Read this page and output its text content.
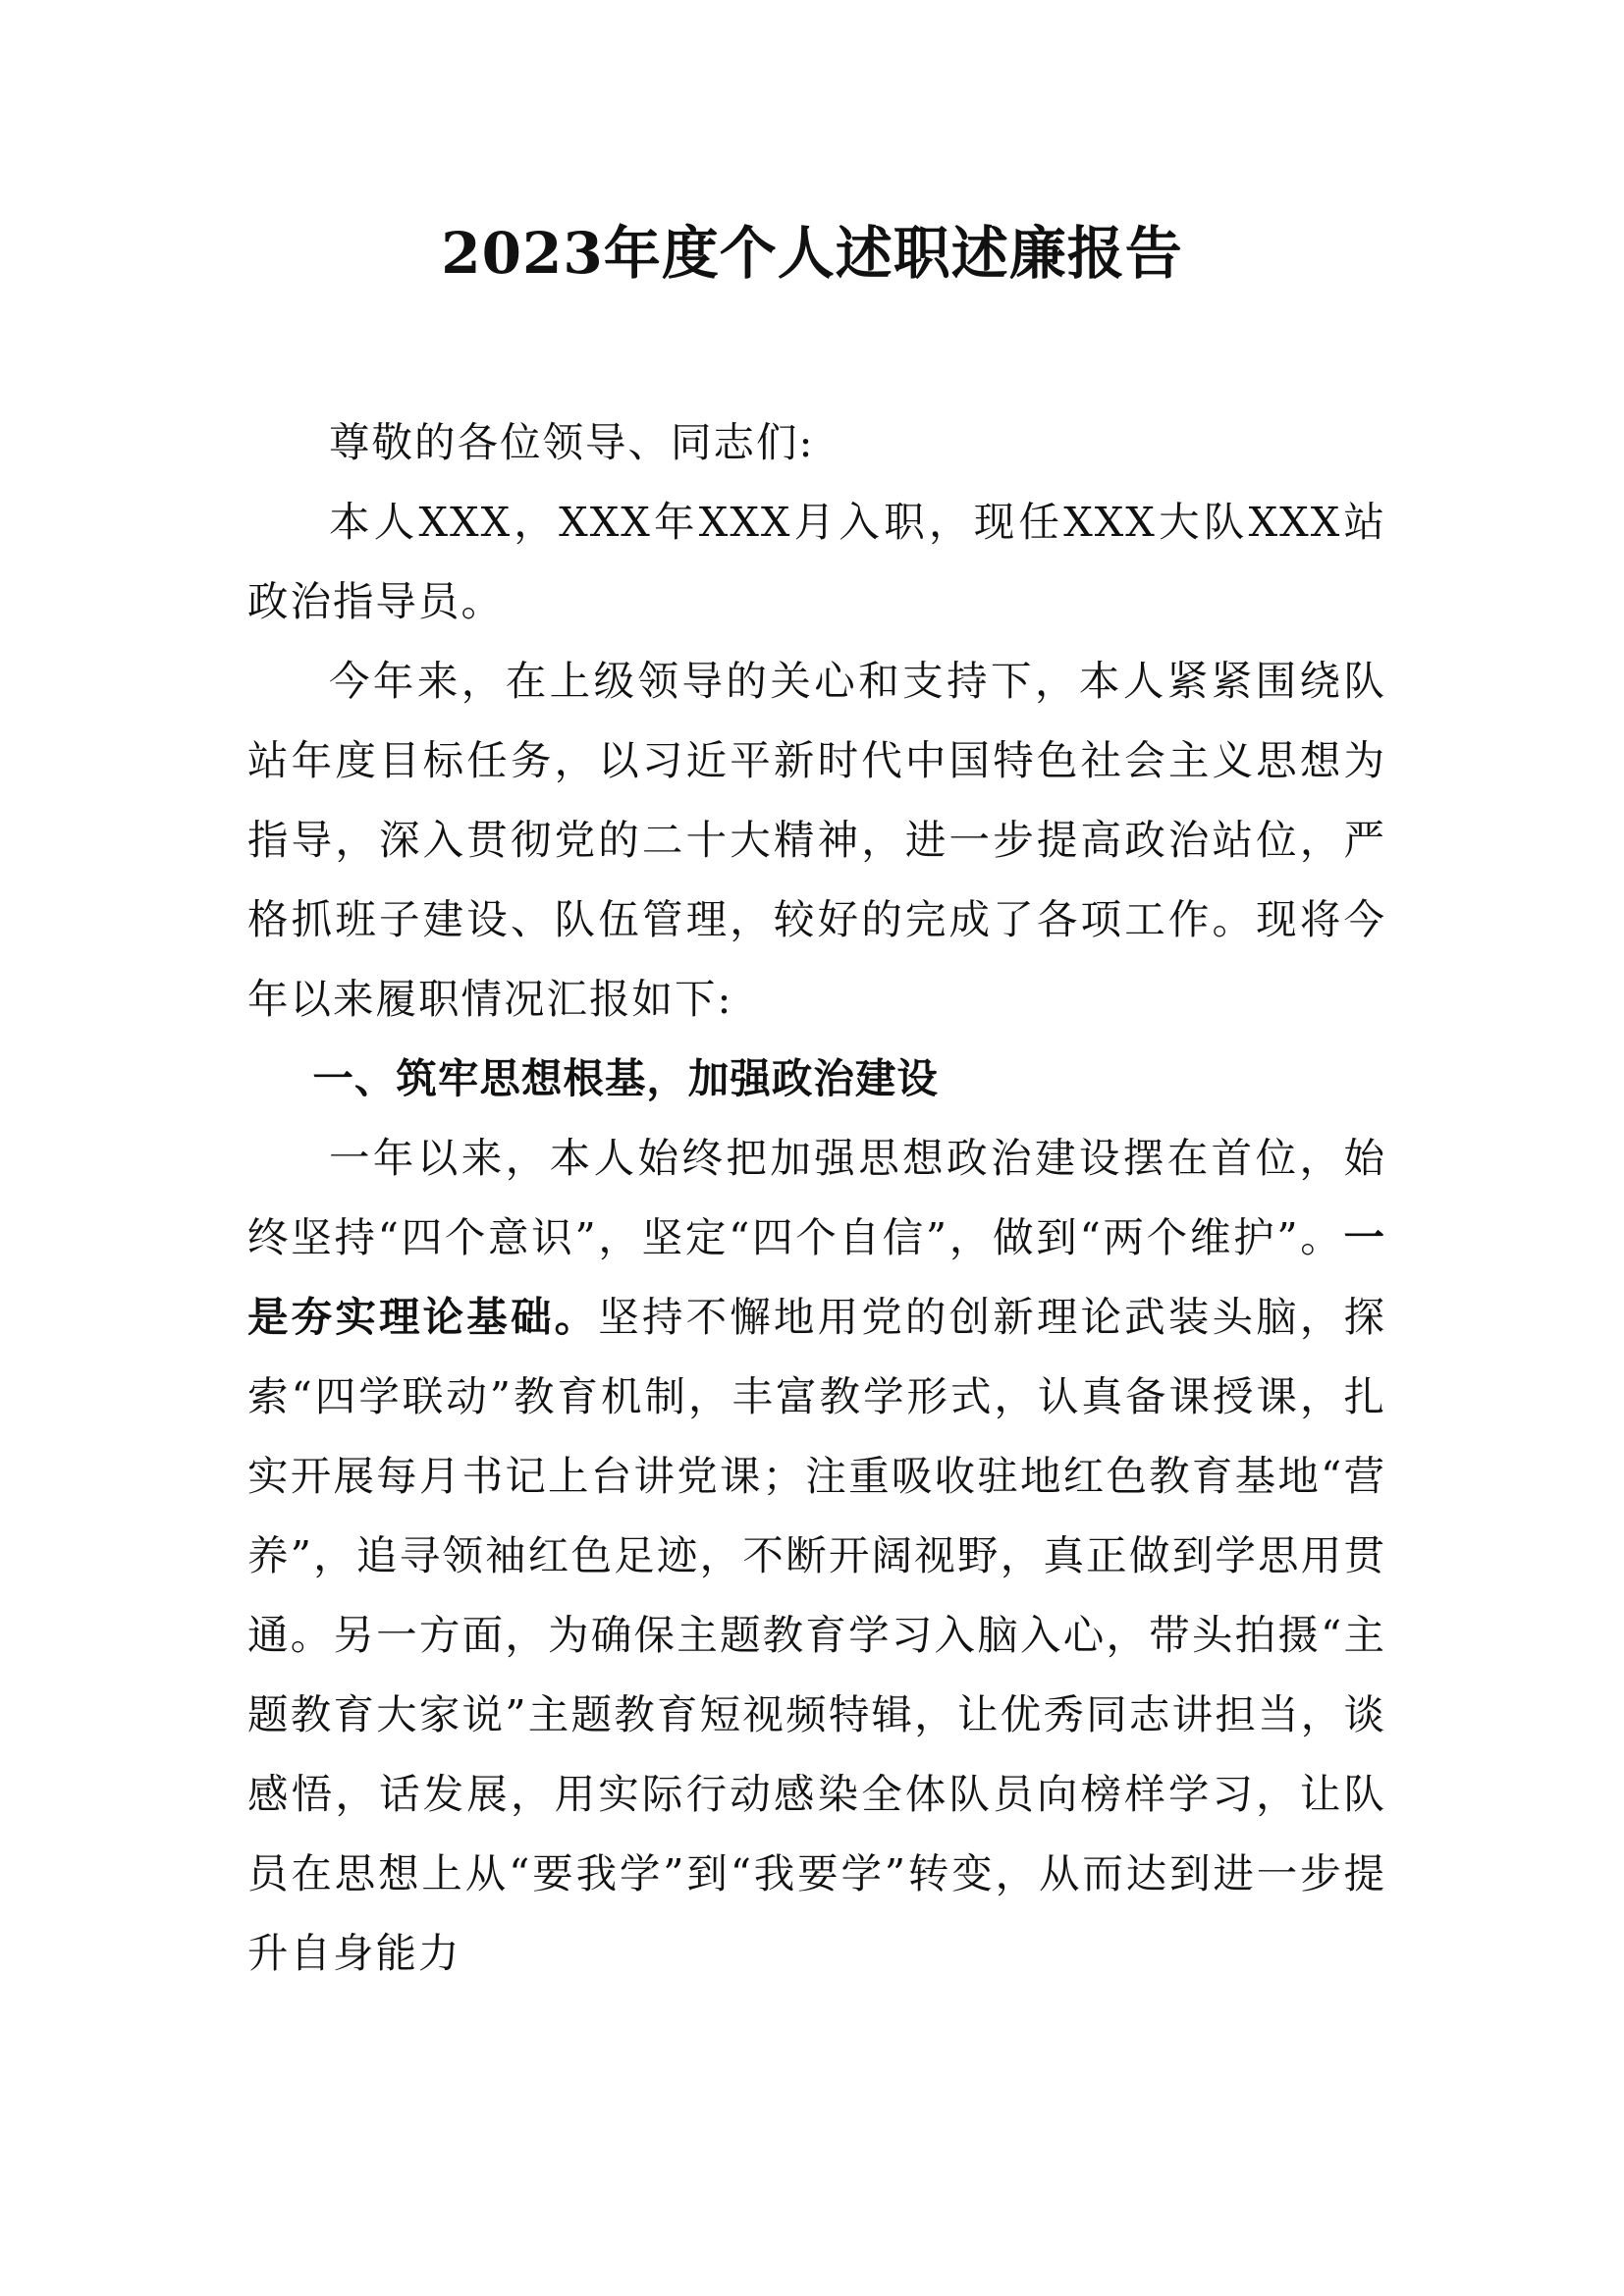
2023年度个人述职述廉报告

尊敬的各位领导、同志们:

本人XXX，XXX年XXX月入职，现任XXX大队XXX站政治指导员。

今年来，在上级领导的关心和支持下，本人紧紧围绕队站年度目标任务，以习近平新时代中国特色社会主义思想为指导，深入贯彻党的二十大精神，进一步提高政治站位，严格抓班子建设、队伍管理，较好的完成了各项工作。现将今年以来履职情况汇报如下:

一、筑牢思想根基，加强政治建设

一年以来，本人始终把加强思想政治建设摆在首位，始终坚持“四个意识”，坚定“四个自信”，做到“两个维护”。一是夯实理论基础。坚持不懈地用党的创新理论武装头脑，探索“四学联动”教育机制，丰富教学形式，认真备课授课，扎实开展每月书记上台讲党课；注重吸收驻地红色教育基地“营养”，追寻领袖红色足迹，不断开阔视野，真正做到学思用贯通。另一方面，为确保主题教育学习入脑入心，带头拍摄“主题教育大家说”主题教育短视频特辑，让优秀同志讲担当，谈感悟，话发展，用实际行动感染全体队员向榜样学习，让队员在思想上从“要我学”到“我要学”转变，从而达到进一步提升自身能力
